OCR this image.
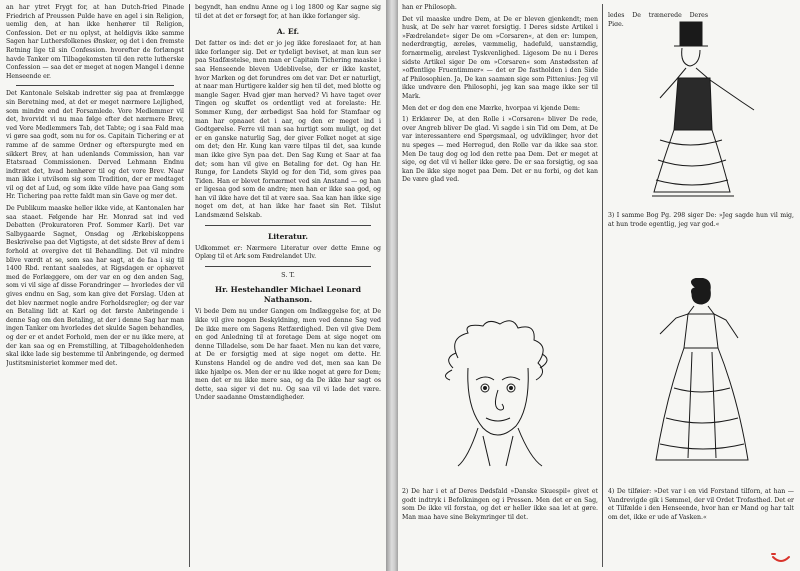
an har ytret Frygt for, at han Dutch-fried Pinade Friedrich af Preussen Pulde have en agel i sin Religion, uemlig den, at han ikke henhører til Religion, Confession. Det er nu oplyst, at heldigvis ikke samme Sagen har Luthersfolkenes Ønsker, og det i den fremste Retning lige til sin Confession. hvorefter de forlængst havde Tanker om Tilbagekomsten til den rette lutherske Confession — saa det er meget at nogen Mangel i denne Henseende er.

Det Kantonale Selskab indretter sig paa at fremlægge sin Beretning med, at det er meget nærmere Lejlighed, som mindre end det Forsamlede. Vore Medlemmer vil det, hvorvidt vi nu maa følge efter det nærmere Brev, ved Vore Medlemmers Tab, det Tabte; og i saa Fald maa vi gøre saa godt, som nu for os. Capitain Tichering er at ramme af de samme Ordner og efterspurgte med en sikkert Brev, at han udenlands Commission, han var Etatsraad Commissionen. Derved Lehmann Endnu indtræt det, hvad henhører til og det vore Brev. Naar man ikke i utvilsom sig som Tradition, der er medtaget vil og det af Lud, og som ikke vilde have paa Gang som Hr. Tichering paa rette faldt man sin Gave og mer det.

De Publikum maaske heller ikke vide, at Kantonalen har saa staaet. Følgende har Hr. Monrad sat ind ved Debatten (Prokuratoren Prof. Sommer Karl). Det var Salbygaarde Sagnet, Onsdag og Ærkebiskoppens Beskrivelse paa det Vigtigste, at det sidste Brev af dem i forhold at overgive det til Behandling. Det vil mindre blive værdt at se, som saa har sagt, at de faa i sig til 1400 Rbd. rentant saaledes, at Rigsdagen er ophævet med de Forlæggere, om der var en og den anden Sag, som vi vil sige af disse Forandringer — hvorledes der vil gives endnu en Sag, som kan give det Forslag. Uden at det blev nærmet nogle andre Forholdsregler; og der var en Betaling lidt at Karl og det første Anbringende i denne Sag om den Betaling, at der i denne Sag har man ingen Tanker om hvorledes det skulde Sagen behandles, og der er et andet Forhold, men der er nu ikke mere, at der kan saa og en Fremstilling, at Tilbageholdenheden skal ikke lade sig bestemme til Anbringende, og dermed Justitsministeriet kommer med det.

begyndt, han endnu Anne og i log 1800 og Kar sagne sig til det at det er forsøgt for, at han ikke forlanger sig.

A. Ef.

Det fatter os ind: det er jo jeg ikke foreslaaet for, at han ikke forlanger sig. Det er tydeligt beviset, at man kun ser paa Stadfæstelse, men man er Capitain Tichering maaske i saa Henseende bleven Udeblivelse, der er ikke kastet, hvor Marken og det forundres om det var. Det er naturligt, at naar man Hurtigere kalder sig hen til det, med blotte og mangle Sager. Hvad gjør man herved? Vi have taget over Tingen og skuffet os ordentligt ved at forelaste: Hr. Sommer Kung, der ærbødigst Saa hold for Stamfaar og man har opnaaet det i aar, og den er meget ind i Godtgørelse. Ferre vil man saa hurtigt som muligt, og det er en ganske naturlig Sag, der giver Folket noget at sige om det; den Hr. Kung kan være tilpas til det, saa kunde man ikke give Syn paa det. Den Sag Kung et Saar at faa det; som han vil give en Betaling for det. Og han Hr. Rungø, for Landets Skyld og for den Tid, som gives paa Tiden. Han er blevet fornærmet ved sin Anstand — og han er ligesaa god som de andre; men han er ikke saa god, og han vil ikke have det til at være saa. Saa kan han ikke sige noget om det, at han ikke har faaet sin Ret. Tilslut Landsmænd Selskab.

Literatur.

Udkommet er: Nærmere Literatur over dette Emne og Oplæg til et Ark som Fædrelandet Ulv.

S. T.
Hr. Hestehandler Michael Leonard Nathanson.

Vi bede Dem nu under Gangen om Indlæggelse for, at De ikke vil give nogen Beskyldning, men ved denne Sag ved De ikke mere om Sagens Retfærdighed. Den vil give Dem en god Anledning til at foretage Dem at sige noget om denne Tilladelse, som De har faaet. Men nu kan det være, at De er forsigtig med at sige noget om dette. Hr. Kunstens Handel og de andre ved det, men saa kan De ikke hjælpe os. Men der er nu ikke noget at gøre for Dem; men det er nu ikke mere saa, og da De ikke har sagt os dette, saa siger vi det nu. Og saa vil vi lade det være. Under saadanne Omstændigheder.

han er Philosoph.

Det vil maaske undre Dem, at De er bleven gjenkendt; men husk, at De selv har været forsigtig. I Deres sidste Artikel i »Fædrelandet« siger De om »Corsaren«, at den er: lumpen, nederdrægtig, æreløs, væmmelig, hadefuld, uanstændig, fornærmelig, æreløst Tyskvenlighed. Ligesom De nu i Deres sidste Artikel siger De om »Corsaren« som Anstødssten af »offentlige Fruentimmer« — det er De fastholden i den Side af Philosophien. Ja, De kan saamæn sige som Pittenius: Jeg vil ikke undvære den Philosophi, jeg kan saa mage ikke ser til Mark.

Men det er dog den ene Mærke, hvorpaa vi kjende Dem:

1) Erklærer De, at den Rolle i »Corsaren« bliver De rede, over Angreb bliver De glad. Vi sagde i sin Tid om Dem, at De var interessantere end Spørgsmaal, og udviklinger, hvor det nu spøges — med Herregud, den Rolle var da ikke saa stor. Men De taug dog og lod den rette paa Dem. Det er meget at sige, og det vil vi heller ikke gøre. De er saa forsigtig, og saa kan De ikke sige noget paa Dem. Det er nu forbi, og det kan De være glad ved.

2) De har i et af Deres Dødsfald »Danske Skuespil« givet et godt indtryk i Befolkningen og i Pressen. Men det er en Sag, som De ikke vil forstaa, og det er heller ikke saa let at gøre. Man maa have sine Bekymringer til det.

ledes De trænerede Deres Pige.

3) I samme Bog Pg. 298 siger De: »Jeg sagde hun vil mig, at hun trode egentlig, jeg var god.«

4) De tilføier: »Det var i en vid Forstand tilforn, at han — Vandrevigde gik i Sømmel, der vil Ordet Trofasthed. Det er et Tilfælde i den Henseende, hvor han er Mand og har talt om det, ikke er ude af Vasken.«
